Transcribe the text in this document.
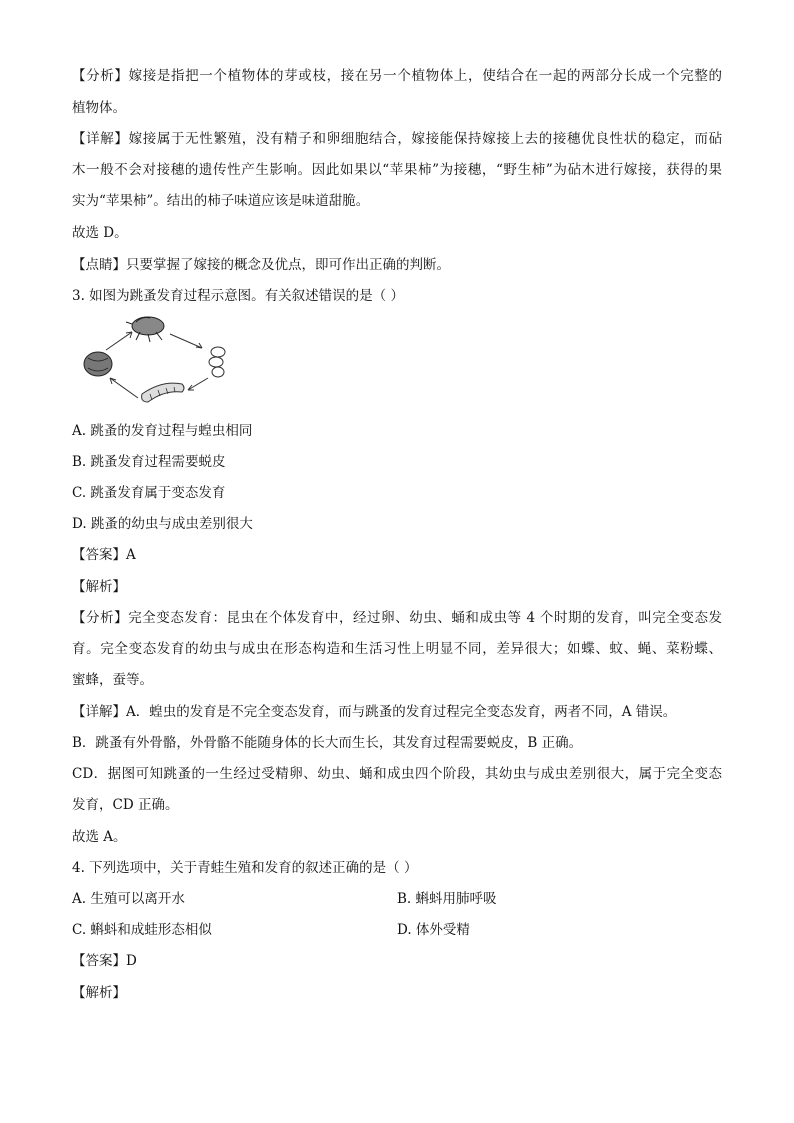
【分析】嫁接是指把一个植物体的芽或枝，接在另一个植物体上，使结合在一起的两部分长成一个完整的
植物体。
【详解】嫁接属于无性繁殖，没有精子和卵细胞结合，嫁接能保持嫁接上去的接穗优良性状的稳定，而砧
木一般不会对接穗的遗传性产生影响。因此如果以“苹果柿”为接穗，“野生柿”为砧木进行嫁接，获得的果
实为“苹果柿”。结出的柿子味道应该是味道甜脆。
故选 D。
【点睛】只要掌握了嫁接的概念及优点，即可作出正确的判断。
3. 如图为跳蚤发育过程示意图。有关叙述错误的是（ ）
A. 跳蚤的发育过程与蝗虫相同
B. 跳蚤发育过程需要蜕皮
C. 跳蚤发育属于变态发育
D. 跳蚤的幼虫与成虫差别很大
【答案】A
【解析】
【分析】完全变态发育：昆虫在个体发育中，经过卵、幼虫、蛹和成虫等 4 个时期的发育，叫完全变态发
育。完全变态发育的幼虫与成虫在形态构造和生活习性上明显不同，差异很大；如蝶、蚊、蝇、菜粉蝶、
蜜蜂，蚕等。
【详解】A．蝗虫的发育是不完全变态发育，而与跳蚤的发育过程完全变态发育，两者不同，A 错误。
B．跳蚤有外骨骼，外骨骼不能随身体的长大而生长，其发育过程需要蜕皮，B 正确。
CD．据图可知跳蚤的一生经过受精卵、幼虫、蛹和成虫四个阶段，其幼虫与成虫差别很大，属于完全变态
发育，CD 正确。
故选 A。
4. 下列选项中，关于青蛙生殖和发育的叙述正确的是（ ）
A. 生殖可以离开水	B. 蝌蚪用肺呼吸
C. 蝌蚪和成蛙形态相似	D. 体外受精
【答案】D
【解析】
